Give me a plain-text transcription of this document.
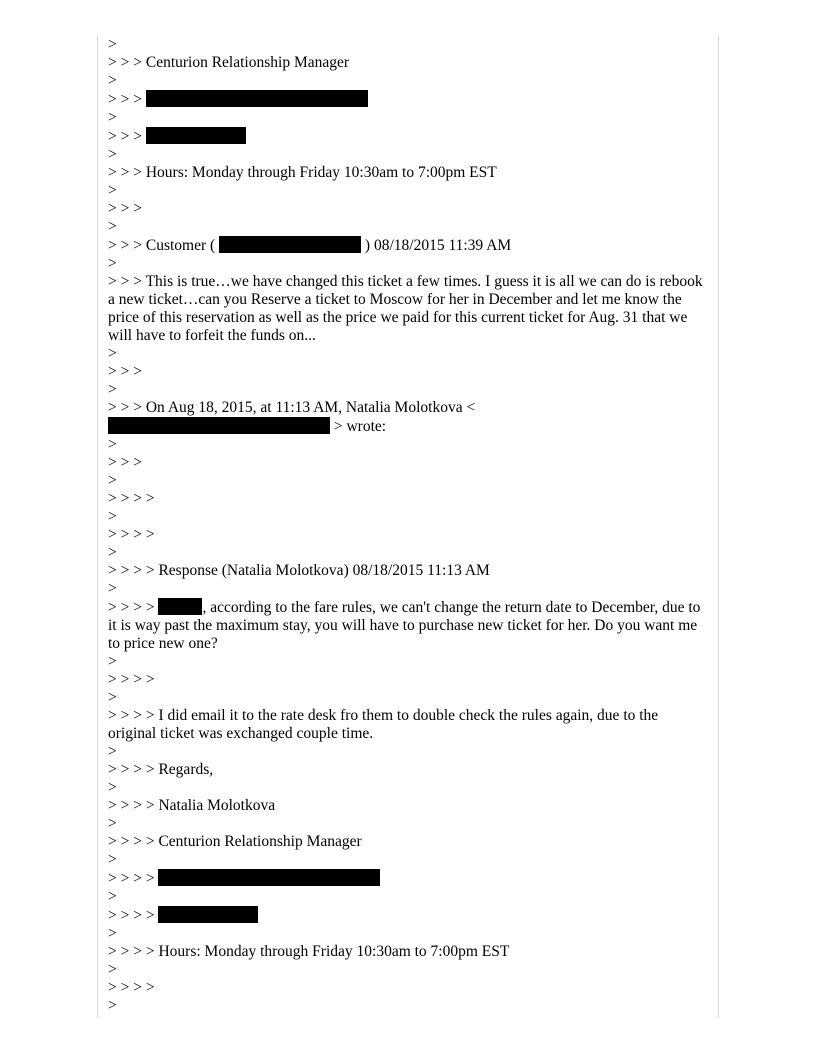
>
> > > Centurion Relationship Manager
>
> > >
>
> > >
>
> > > Hours: Monday through Friday 10:30am to 7:00pm EST
>
> > >
>
> > > Customer (	) 08/18/2015 11:39 AM
>
> > > This is true…we have changed this ticket a few times. I guess it is all we can do is rebook a new ticket…can you Reserve a ticket to Moscow for her in December and let me know the price of this reservation as well as the price we paid for this current ticket for Aug. 31 that we will have to forfeit the funds on...
>
> > >
>
> > > On Aug 18, 2015, at 11:13 AM, Natalia Molotkova <
> wrote:
>
> > >
>
> > > >
>
> > > >
>
> > > > Response (Natalia Molotkova) 08/18/2015 11:13 AM
>
> > > >	, according to the fare rules, we can't change the return date to December, due to it is way past the maximum stay, you will have to purchase new ticket for her. Do you want me to price new one?
>
> > > >
>
> > > > I did email it to the rate desk fro them to double check the rules again, due to the original ticket was exchanged couple time.
>
> > > > Regards,
>
> > > > Natalia Molotkova
>
> > > > Centurion Relationship Manager
>
> > > >
>
> > > >
>
> > > > Hours: Monday through Friday 10:30am to 7:00pm EST
>
> > > >
>
